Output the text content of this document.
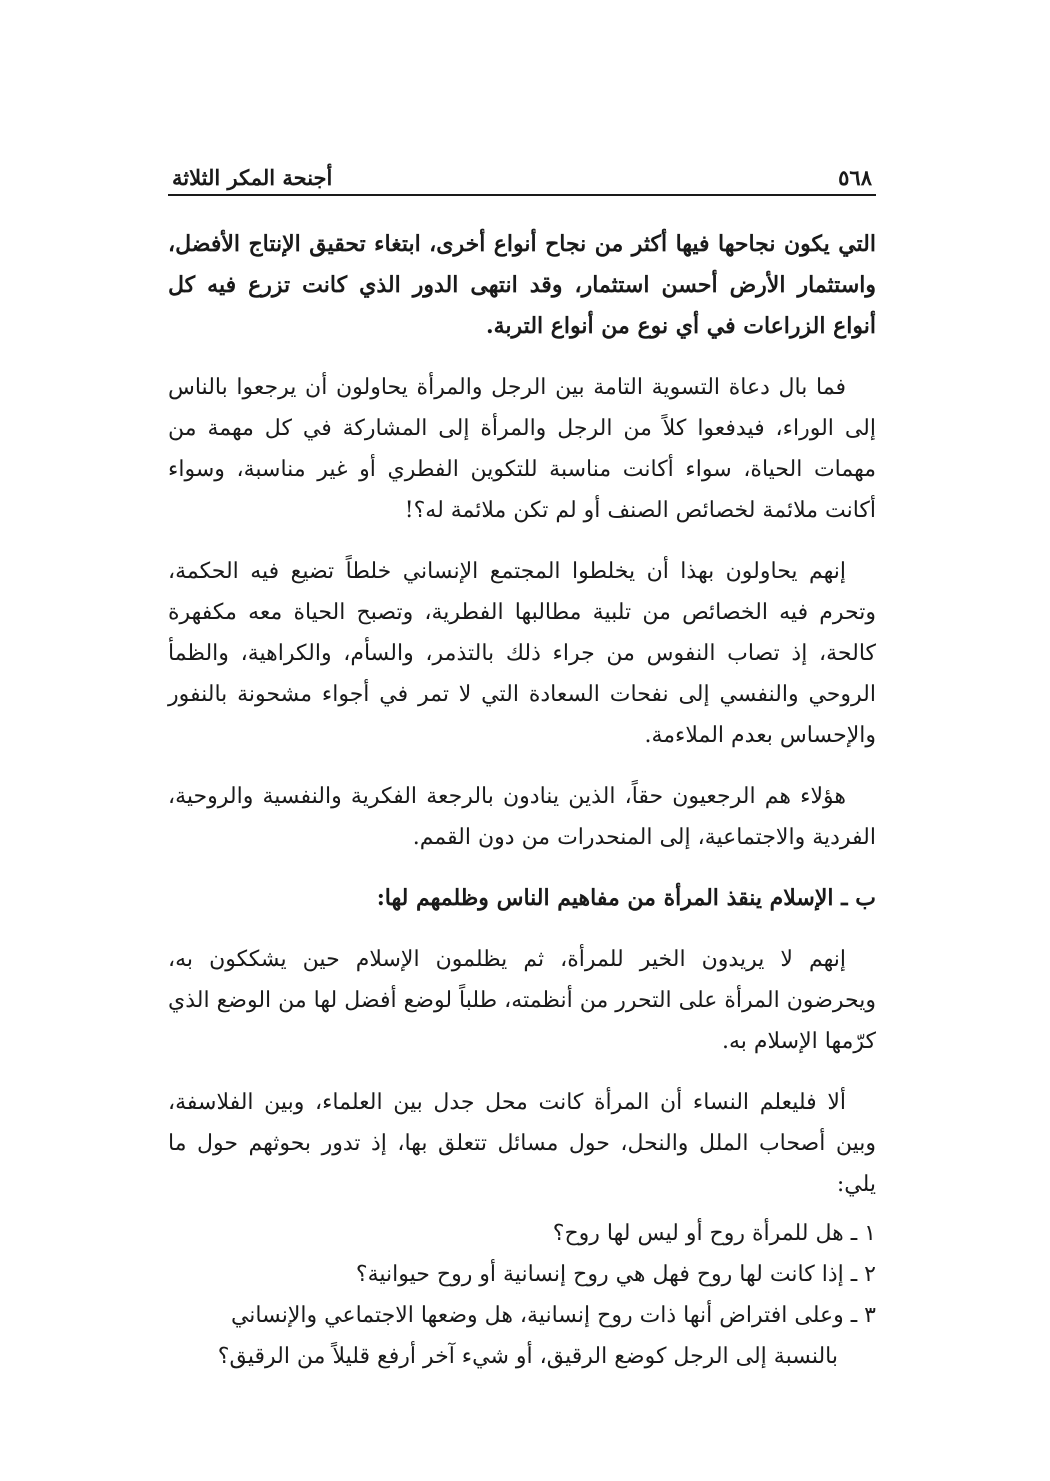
٥٦٨
أجنحة المكر الثلاثة

التي يكون نجاحها فيها أكثر من نجاح أنواع أخرى، ابتغاء تحقيق الإنتاج الأفضل، واستثمار الأرض أحسن استثمار، وقد انتهى الدور الذي كانت تزرع فيه كل أنواع الزراعات في أي نوع من أنواع التربة.

فما بال دعاة التسوية التامة بين الرجل والمرأة يحاولون أن يرجعوا بالناس إلى الوراء، فيدفعوا كلاً من الرجل والمرأة إلى المشاركة في كل مهمة من مهمات الحياة، سواء أكانت مناسبة للتكوين الفطري أو غير مناسبة، وسواء أكانت ملائمة لخصائص الصنف أو لم تكن ملائمة له؟!

إنهم يحاولون بهذا أن يخلطوا المجتمع الإنساني خلطاً تضيع فيه الحكمة، وتحرم فيه الخصائص من تلبية مطالبها الفطرية، وتصبح الحياة معه مكفهرة كالحة، إذ تصاب النفوس من جراء ذلك بالتذمر، والسأم، والكراهية، والظمأ الروحي والنفسي إلى نفحات السعادة التي لا تمر في أجواء مشحونة بالنفور والإحساس بعدم الملاءمة.

هؤلاء هم الرجعيون حقاً، الذين ينادون بالرجعة الفكرية والنفسية والروحية، الفردية والاجتماعية، إلى المنحدرات من دون القمم.

ب ـ الإسلام ينقذ المرأة من مفاهيم الناس وظلمهم لها:

إنهم لا يريدون الخير للمرأة، ثم يظلمون الإسلام حين يشككون به، ويحرضون المرأة على التحرر من أنظمته، طلباً لوضع أفضل لها من الوضع الذي كرّمها الإسلام به.

ألا فليعلم النساء أن المرأة كانت محل جدل بين العلماء، وبين الفلاسفة، وبين أصحاب الملل والنحل، حول مسائل تتعلق بها، إذ تدور بحوثهم حول ما يلي:

١ ـ هل للمرأة روح أو ليس لها روح؟
٢ ـ إذا كانت لها روح فهل هي روح إنسانية أو روح حيوانية؟
٣ ـ وعلى افتراض أنها ذات روح إنسانية، هل وضعها الاجتماعي والإنساني بالنسبة إلى الرجل كوضع الرقيق، أو شيء آخر أرفع قليلاً من الرقيق؟
